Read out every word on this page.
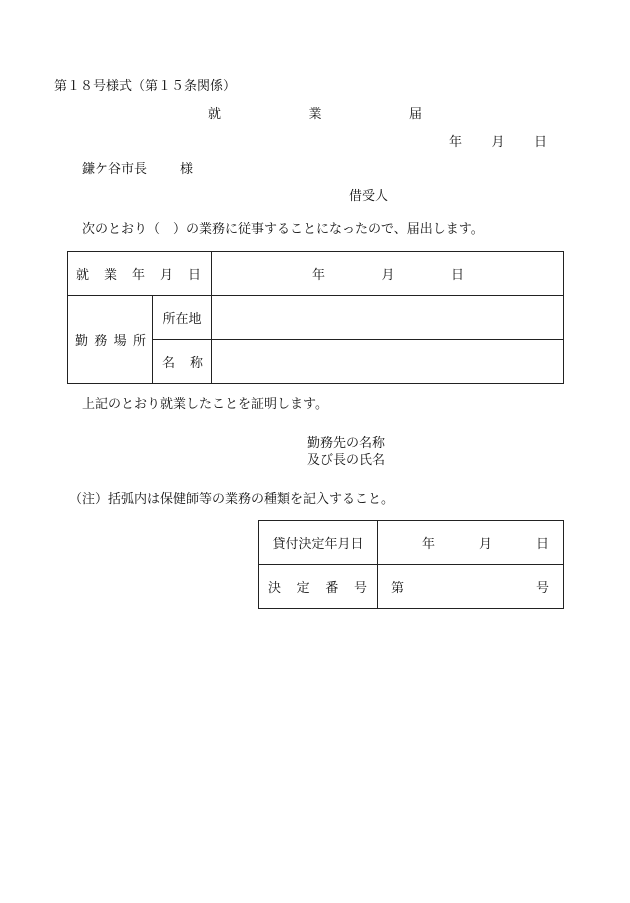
第１８号様式（第１５条関係）
就	業	届
年 月 日
鎌ケ谷市長	様
借受人
次のとおり（　）の業務に従事することになったので、届出します。
就 業 年 月 日		年 月 日

勤 務 場 所	所在地	

	名 称	

上記のとおり就業したことを証明します。
勤務先の名称
及び長の氏名
（注）括弧内は保健師等の業務の種類を記入すること。
貸付決定年月日	年 月 日

決 定 番 号	第 号
